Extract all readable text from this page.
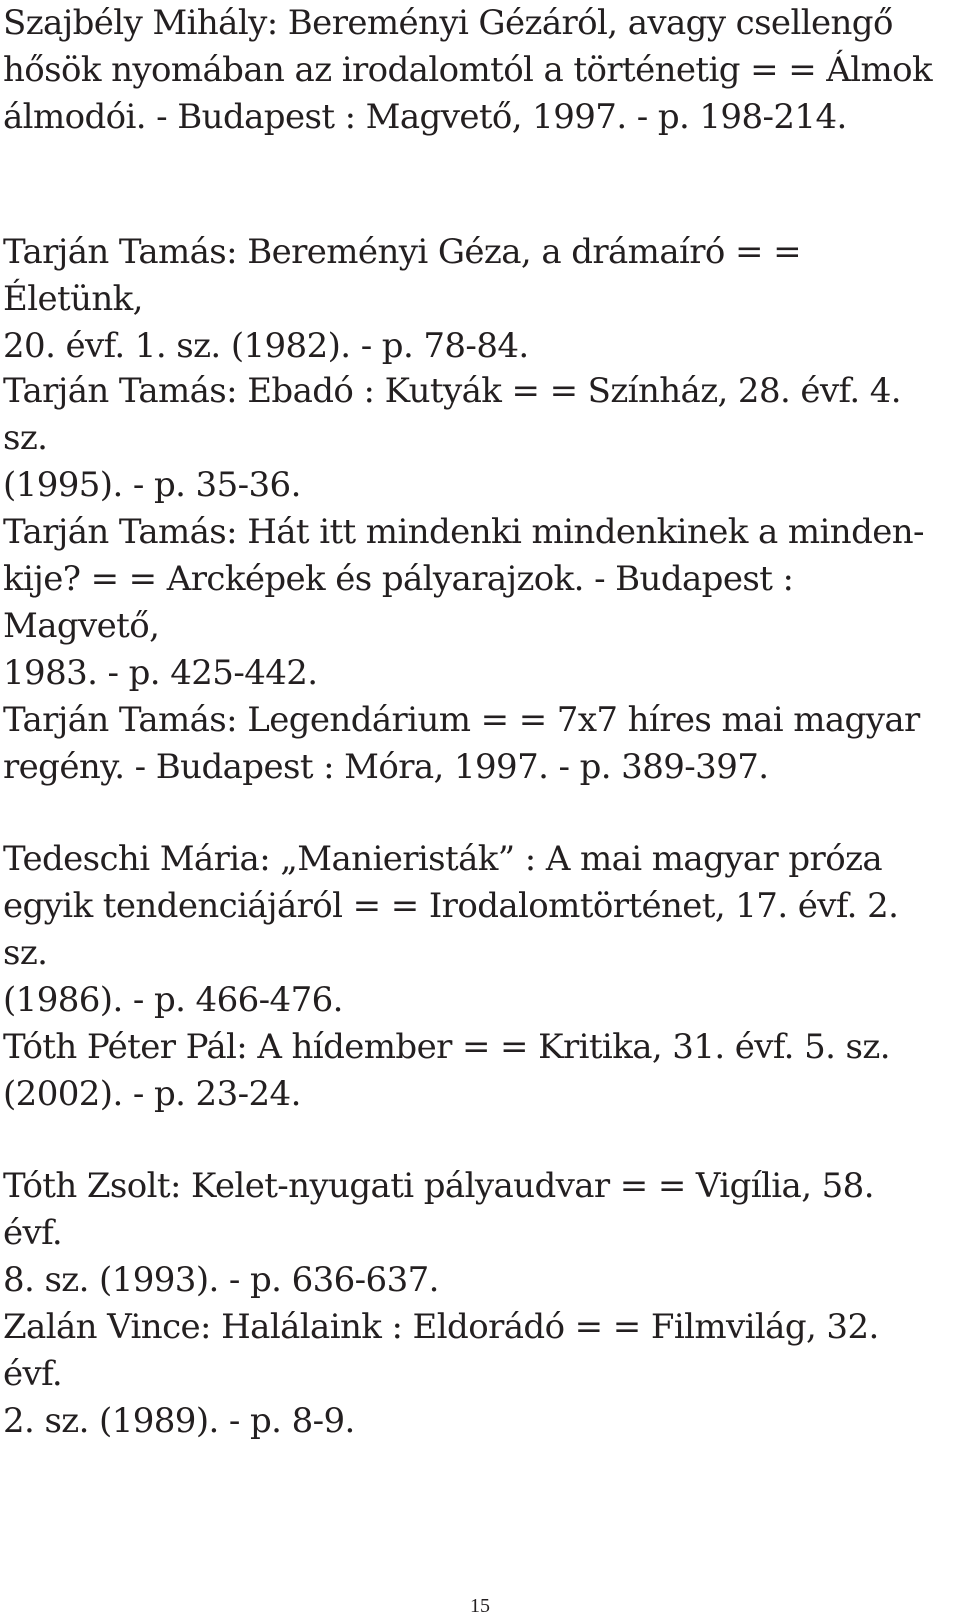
Szajbély Mihály: Bereményi Gézáról, avagy csellengő
hősök nyomában az irodalomtól a történetig = = Álmok
álmodói. - Budapest : Magvető, 1997. - p. 198-214.

Tarján Tamás: Bereményi Géza, a drámaíró = = Életünk,
20. évf. 1. sz. (1982). - p. 78-84.

Tarján Tamás: Ebadó : Kutyák = = Színház, 28. évf. 4. sz.
(1995). - p. 35-36.

Tarján Tamás: Hát itt mindenki mindenkinek a minden-
kije? = = Arcképek és pályarajzok. - Budapest : Magvető,
1983. - p. 425-442.

Tarján Tamás: Legendárium = = 7x7 híres mai magyar
regény. - Budapest : Móra, 1997. - p. 389-397.

Tedeschi Mária: „Manieristák” : A mai magyar próza
egyik tendenciájáról = = Irodalomtörténet, 17. évf. 2. sz.
(1986). - p. 466-476.

Tóth Péter Pál: A hídember = = Kritika, 31. évf. 5. sz.
(2002). - p. 23-24.

Tóth Zsolt: Kelet-nyugati pályaudvar = = Vigília, 58. évf.
8. sz. (1993). - p. 636-637.

Zalán Vince: Halálaink : Eldorádó = = Filmvilág, 32. évf.
2. sz. (1989). - p. 8-9.

15
